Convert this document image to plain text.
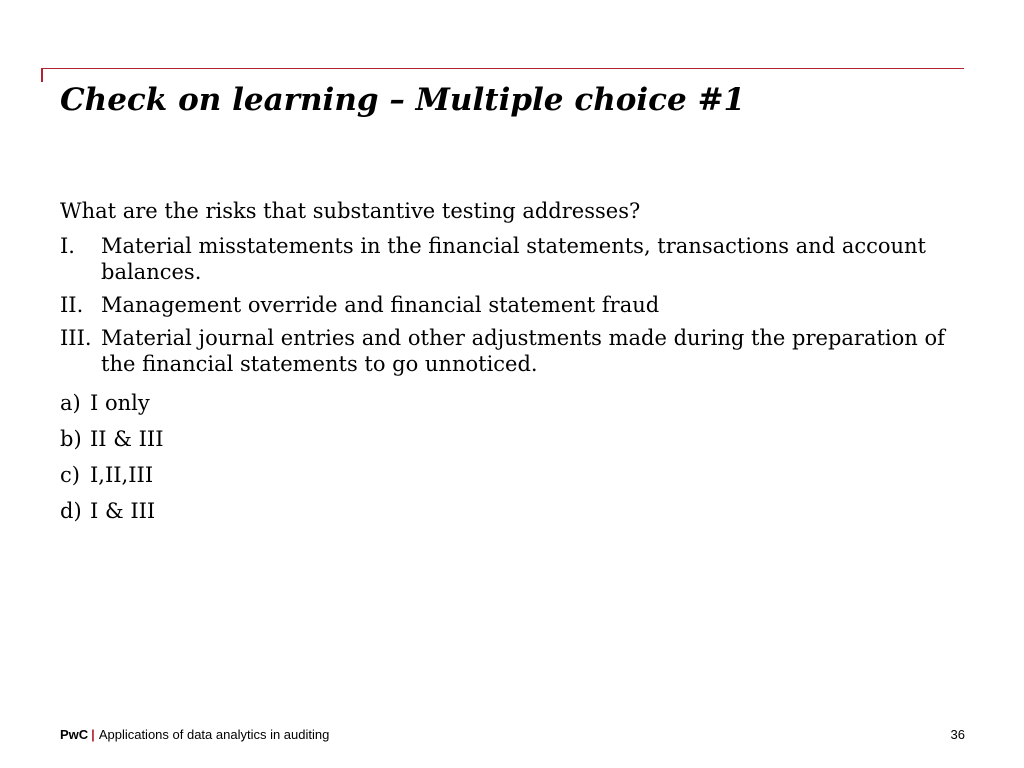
Check on learning – Multiple choice #1

What are the risks that substantive testing addresses?

I. Material misstatements in the financial statements, transactions and account balances.
II. Management override and financial statement fraud
III. Material journal entries and other adjustments made during the preparation of the financial statements to go unnoticed.
a) I only
b) II & III
c) I,II,III
d) I & III
PwC | Applications of data analytics in auditing	36
